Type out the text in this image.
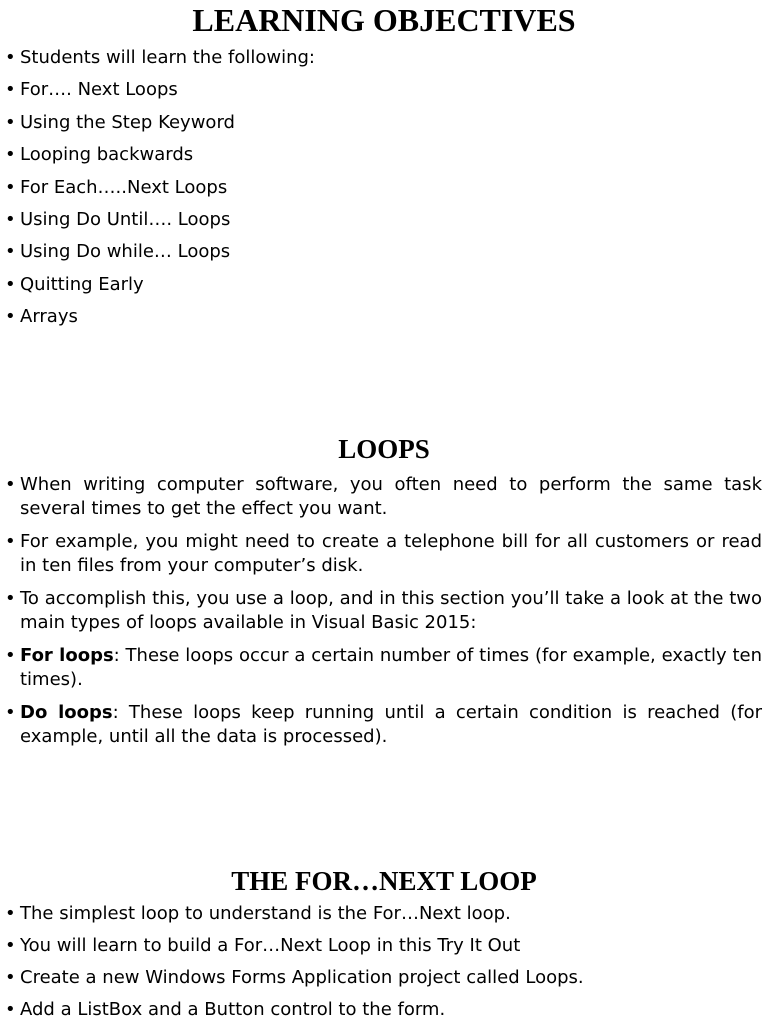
LEARNING OBJECTIVES
• Students will learn the following:
• For…. Next Loops
• Using the Step Keyword
• Looping backwards
• For Each…..Next Loops
• Using Do Until…. Loops
• Using Do while… Loops
• Quitting Early
• Arrays
LOOPS
• When writing computer software, you often need to perform the same task several times to get the effect you want.
• For example, you might need to create a telephone bill for all customers or read in ten files from your computer’s disk.
• To accomplish this, you use a loop, and in this section you’ll take a look at the two main types of loops available in Visual Basic 2015:
• For loops: These loops occur a certain number of times (for example, exactly ten times).
• Do loops: These loops keep running until a certain condition is reached (for example, until all the data is processed).
THE FOR…NEXT LOOP
• The simplest loop to understand is the For…Next loop.
• You will learn to build a For…Next Loop in this Try It Out
• Create a new Windows Forms Application project called Loops.
• Add a ListBox and a Button control to the form.
